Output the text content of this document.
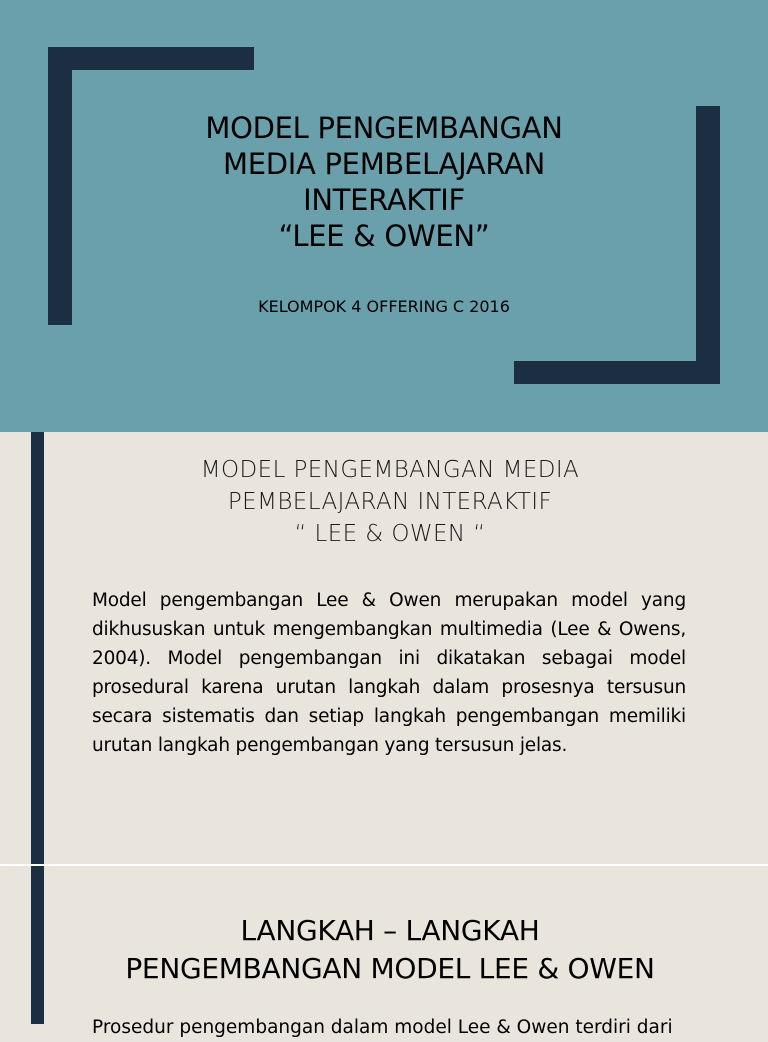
MODEL PENGEMBANGAN
MEDIA PEMBELAJARAN
INTERAKTIF
“LEE & OWEN”
KELOMPOK 4 OFFERING C 2016
MODEL PENGEMBANGAN MEDIA
PEMBELAJARAN INTERAKTIF
“ LEE & OWEN “

Model pengembangan Lee & Owen merupakan model yang dikhususkan untuk mengembangkan multimedia (Lee & Owens, 2004). Model pengembangan ini dikatakan sebagai model prosedural karena urutan langkah dalam prosesnya tersusun secara sistematis dan setiap langkah pengembangan memiliki urutan langkah pengembangan yang tersusun jelas.

LANGKAH – LANGKAH
PENGEMBANGAN MODEL LEE & OWEN
Prosedur pengembangan dalam model Lee & Owen terdiri dari
